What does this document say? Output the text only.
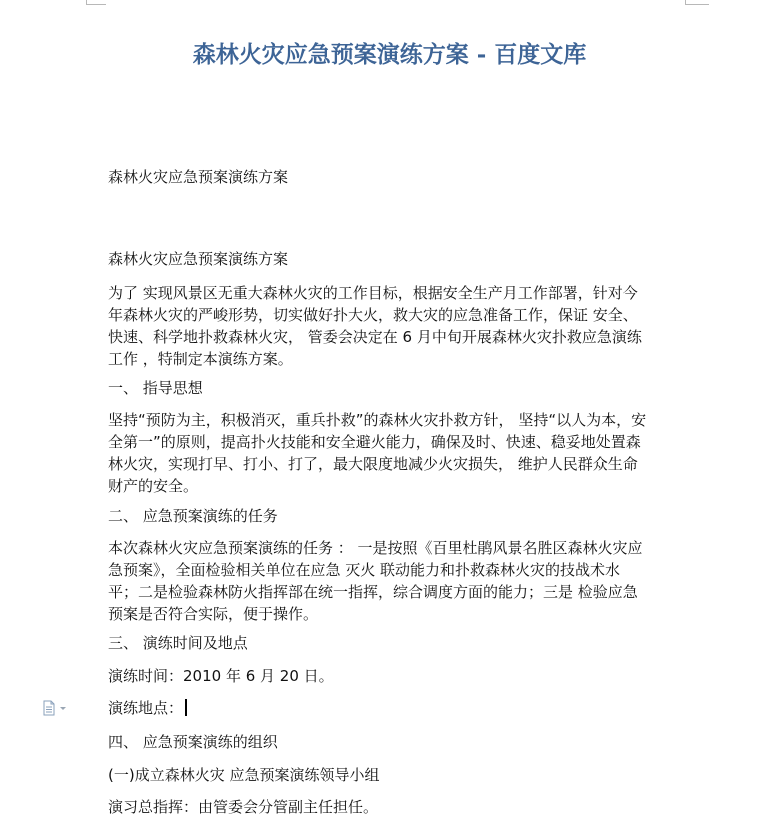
森林火灾应急预案演练方案 - 百度文库

森林火灾应急预案演练方案

森林火灾应急预案演练方案

为了 实现风景区无重大森林火灾的工作目标，根据安全生产月工作部署，针对今
年森林火灾的严峻形势，切实做好扑大火，救大灾的应急准备工作，保证 安全、
快速、科学地扑救森林火灾， 管委会决定在 6 月中旬开展森林火灾扑救应急演练
工作 ，特制定本演练方案。

一、 指导思想

坚持“预防为主，积极消灭，重兵扑救”的森林火灾扑救方针， 坚持“以人为本，安
全第一”的原则，提高扑火技能和安全避火能力，确保及时、快速、稳妥地处置森
林火灾，实现打早、打小、打了，最大限度地减少火灾损失， 维护人民群众生命
财产的安全。

二、 应急预案演练的任务

本次森林火灾应急预案演练的任务 ： 一是按照《百里杜鹃风景名胜区森林火灾应
急预案》，全面检验相关单位在应急 灭火 联动能力和扑救森林火灾的技战术水
平；二是检验森林防火指挥部在统一指挥，综合调度方面的能力；三是 检验应急
预案是否符合实际，便于操作。

三、 演练时间及地点

演练时间：2010 年 6 月 20 日。

演练地点：

四、 应急预案演练的组织

(一)成立森林火灾 应急预案演练领导小组

演习总指挥：由管委会分管副主任担任。
